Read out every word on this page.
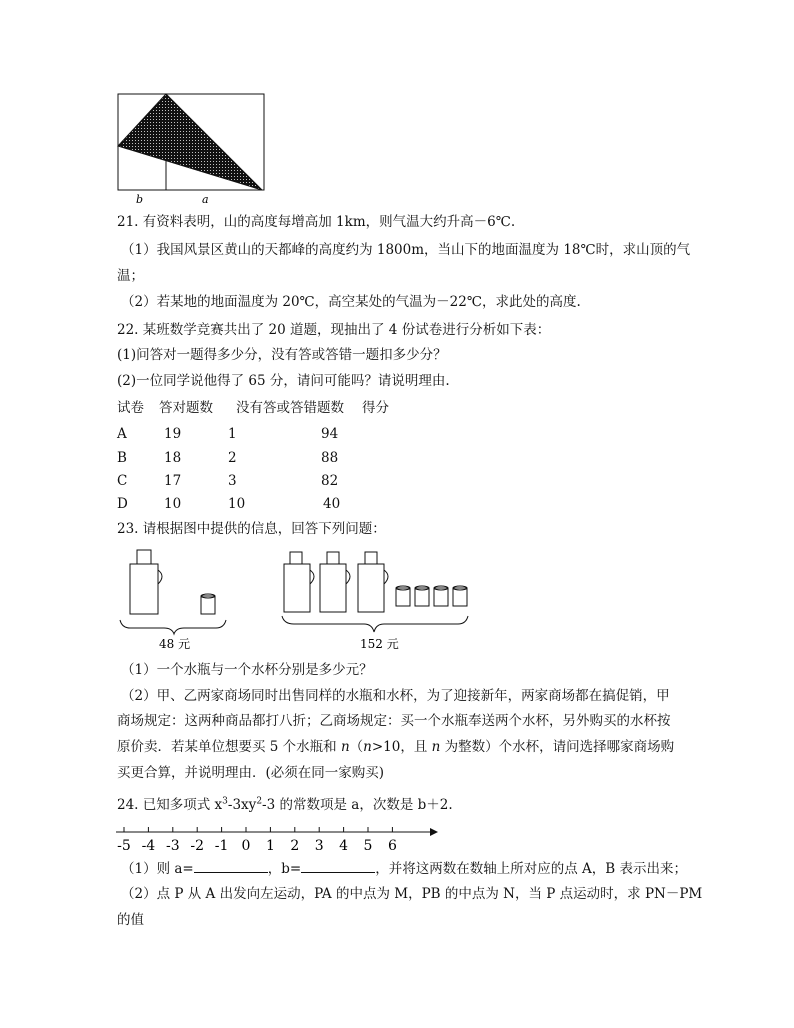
b	a
21. 有资料表明，山的高度每增高加 1km，则气温大约升高－6℃.
（1）我国风景区黄山的天都峰的高度约为 1800m，当山下的地面温度为 18℃时，求山顶的气
温；
（2）若某地的地面温度为 20℃，高空某处的气温为－22℃，求此处的高度.
22. 某班数学竞赛共出了 20 道题，现抽出了 4 份试卷进行分析如下表：
(1)问答对一题得多少分，没有答或答错一题扣多少分？
(2)一位同学说他得了 65 分，请问可能吗？请说明理由.
试卷 答对题数 没有答或答错题数 得分
A	19	1	94
B	18	2	88
C	17	3	82
D	10	10	40
23. 请根据图中提供的信息，回答下列问题：
48 元	152 元
（1）一个水瓶与一个水杯分别是多少元？
（2）甲、乙两家商场同时出售同样的水瓶和水杯，为了迎接新年，两家商场都在搞促销，甲
商场规定：这两种商品都打八折；乙商场规定：买一个水瓶奉送两个水杯，另外购买的水杯按
原价卖．若某单位想要买 5 个水瓶和 n（n>10，且 n 为整数）个水杯，请问选择哪家商场购
买更合算，并说明理由．(必须在同一家购买)
24. 已知多项式 $x^3-3xy^2-3$ 的常数项是 a，次数是 b＋2.
-5 -4 -3 -2 -1 0 1 2 3 4 5 6
（1）则 a=	，b=	，并将这两数在数轴上所对应的点 A，B 表示出来；
（2）点 P 从 A 出发向左运动，PA 的中点为 M，PB 的中点为 N，当 P 点运动时，求 PN－PM
的值
